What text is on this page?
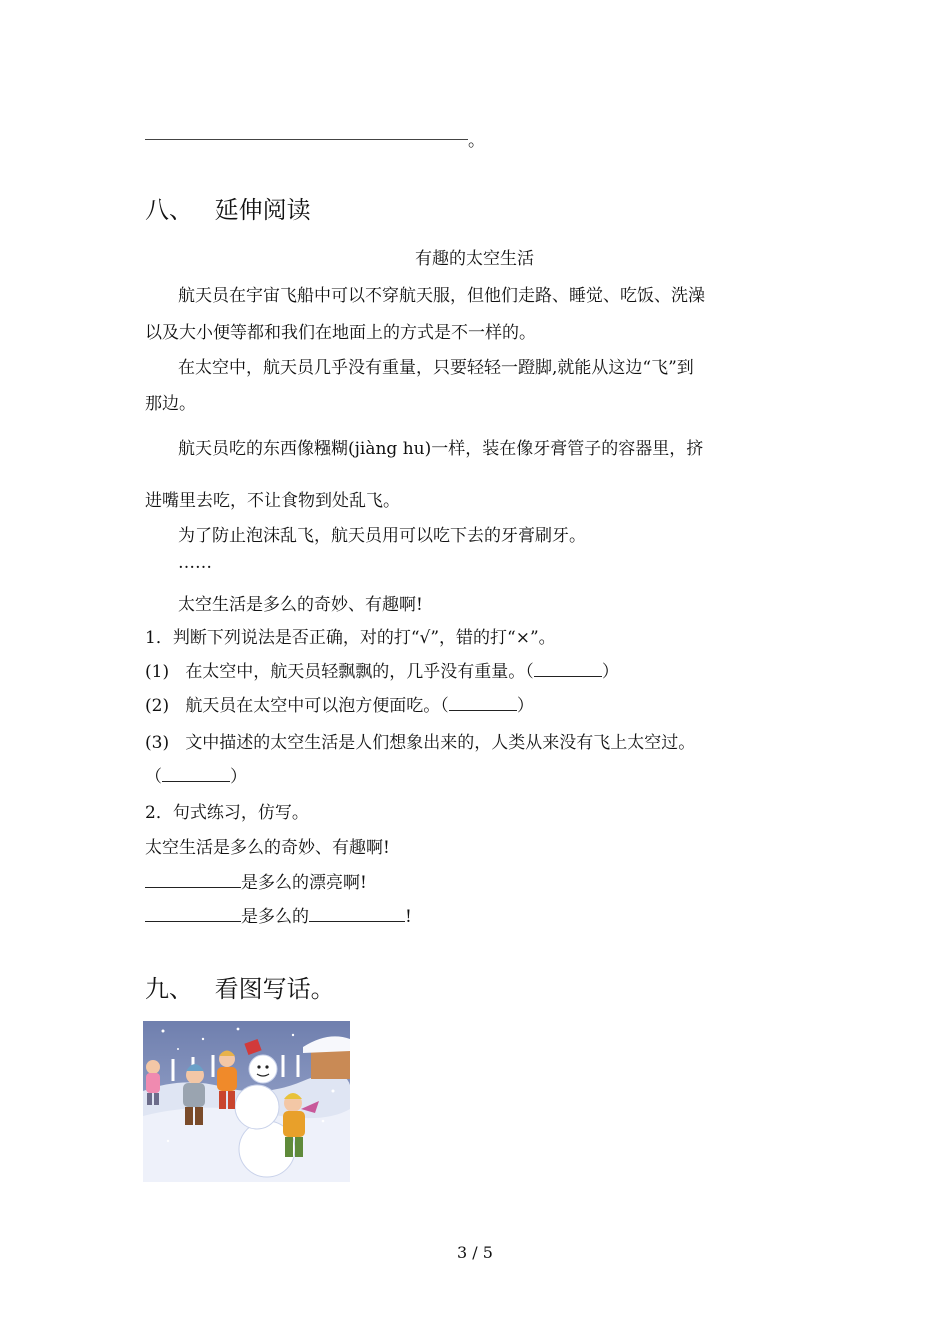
。
八、 延伸阅读
有趣的太空生活
航天员在宇宙飞船中可以不穿航天服，但他们走路、睡觉、吃饭、洗澡
以及大小便等都和我们在地面上的方式是不一样的。
在太空中，航天员几乎没有重量，只要轻轻一蹬脚,就能从这边“飞”到
那边。
航天员吃的东西像糨糊(jiàng hu)一样，装在像牙膏管子的容器里，挤
进嘴里去吃，不让食物到处乱飞。
为了防止泡沫乱飞，航天员用可以吃下去的牙膏刷牙。
……
太空生活是多么的奇妙、有趣啊!
1．判断下列说法是否正确，对的打“√”，错的打“×”。
(1) 在太空中，航天员轻飘飘的，几乎没有重量。（	）
(2) 航天员在太空中可以泡方便面吃。（	）
(3) 文中描述的太空生活是人们想象出来的，人类从来没有飞上太空过。
（	）
2．句式练习，仿写。
太空生活是多么的奇妙、有趣啊!
是多么的漂亮啊!
是多么的	!
九、 看图写话。
3 / 5
